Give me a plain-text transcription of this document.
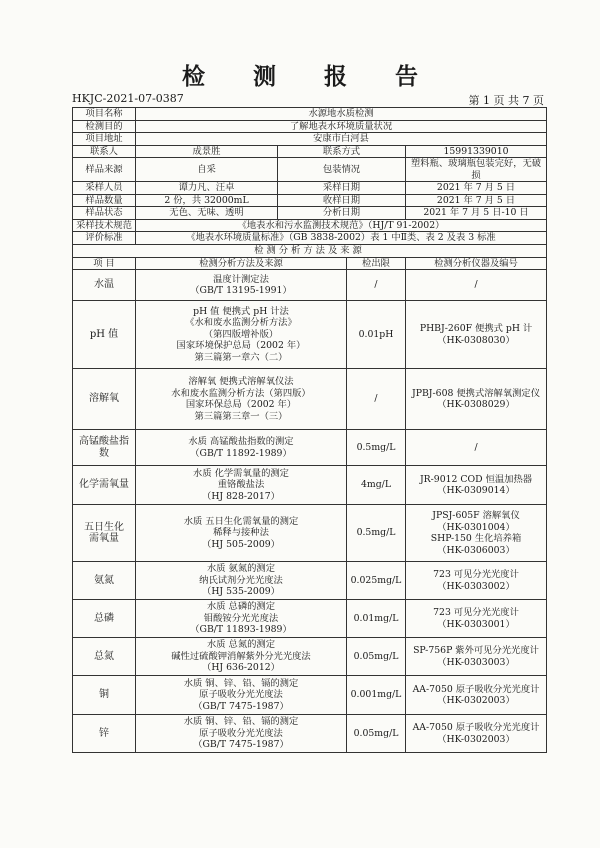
检 测 报 告
HKJC-2021-07-0387	第 1 页 共 7 页
项目名称	水源地水质检测			
检测目的	了解地表水环境质量状况			
项目地址	安康市白河县			
联系人	成景胜	联系方式		15991339010
样品来源	自采	包装情况		塑料瓶、玻璃瓶包装完好，无破损
采样人员	谭力凡、汪卓	采样日期		2021 年 7 月 5 日
样品数量	2 份，共 32000mL	收样日期		2021 年 7 月 5 日
样品状态	无色、无味、透明	分析日期		2021 年 7 月 5 日-10 日
采样技术规范	《地表水和污水监测技术规范》（HJ/T 91-2002）			
评价标准	《地表水环境质量标准》（GB 3838-2002）表 1 中Ⅱ类、表 2 及表 3 标准			
检测分析方法及来源				
项 目	检测分析方法及来源		检出限	检测分析仪器及编号
水温	温度计测定法
（GB/T 13195-1991）		/	/
pH 值	pH 值 便携式 pH 计法
《水和废水监测分析方法》
（第四版增补版）
国家环境保护总局（2002 年）
第三篇第一章六（二）		0.01pH	PHBJ-260F 便携式 pH 计
（HK-0308030）
溶解氧	溶解氧 便携式溶解氧仪法
水和废水监测分析方法（第四版）
国家环保总局（2002 年）
第三篇第三章一（三）		/	JPBJ-608 便携式溶解氧测定仪
（HK-0308029）
高锰酸盐指数	水质 高锰酸盐指数的测定
（GB/T 11892-1989）		0.5mg/L	/
化学需氧量	水质 化学需氧量的测定
重铬酸盐法
（HJ 828-2017）		4mg/L	JR-9012 COD 恒温加热器
（HK-0309014）
五日生化
需氧量	水质 五日生化需氧量的测定
稀释与接种法
（HJ 505-2009）		0.5mg/L	JPSJ-605F 溶解氧仪
（HK-0301004）
SHP-150 生化培养箱
（HK-0306003）
氨氮	水质 氨氮的测定
纳氏试剂分光光度法
（HJ 535-2009）		0.025mg/L	723 可见分光光度计
（HK-0303002）
总磷	水质 总磷的测定
钼酸铵分光光度法
（GB/T 11893-1989）		0.01mg/L	723 可见分光光度计
（HK-0303001）
总氮	水质 总氮的测定
碱性过硫酸钾消解紫外分光光度法
（HJ 636-2012）		0.05mg/L	SP-756P 紫外可见分光光度计
（HK-0303003）
铜	水质 铜、锌、铅、镉的测定
原子吸收分光光度法
（GB/T 7475-1987）		0.001mg/L	AA-7050 原子吸收分光光度计
（HK-0302003）
锌	水质 铜、锌、铅、镉的测定
原子吸收分光光度法
（GB/T 7475-1987）		0.05mg/L	AA-7050 原子吸收分光光度计
（HK-0302003）
